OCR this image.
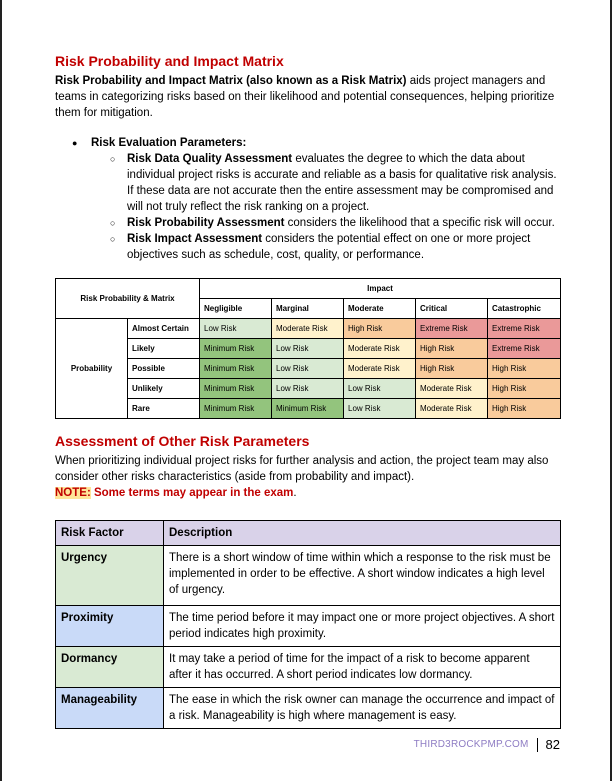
Risk Probability and Impact Matrix

Risk Probability and Impact Matrix (also known as a Risk Matrix) aids project managers and teams in categorizing risks based on their likelihood and potential consequences, helping prioritize them for mitigation.

● Risk Evaluation Parameters:
○ Risk Data Quality Assessment evaluates the degree to which the data about individual project risks is accurate and reliable as a basis for qualitative risk analysis. If these data are not accurate then the entire assessment may be compromised and will not truly reflect the risk ranking on a project.
○ Risk Probability Assessment considers the likelihood that a specific risk will occur.
○ Risk Impact Assessment considers the potential effect on one or more project objectives such as schedule, cost, quality, or performance.
Risk Probability & Matrix		Impact				
		Negligible	Marginal	Moderate	Critical	Catastrophic
Probability	Almost Certain	Low Risk	Moderate Risk	High Risk	Extreme Risk	Extreme Risk
	Likely	Minimum Risk	Low Risk	Moderate Risk	High Risk	Extreme Risk
	Possible	Minimum Risk	Low Risk	Moderate Risk	High Risk	High Risk
	Unlikely	Minimum Risk	Low Risk	Low Risk	Moderate Risk	High Risk
	Rare	Minimum Risk	Minimum Risk	Low Risk	Moderate Risk	High Risk
Assessment of Other Risk Parameters

When prioritizing individual project risks for further analysis and action, the project team may also consider other risks characteristics (aside from probability and impact).

NOTE: Some terms may appear in the exam.

Risk Factor	Description
Urgency	There is a short window of time within which a response to the risk must be implemented in order to be effective. A short window indicates a high level of urgency.
Proximity	The time period before it may impact one or more project objectives. A short period indicates high proximity.
Dormancy	It may take a period of time for the impact of a risk to become apparent after it has occurred. A short period indicates low dormancy.
Manageability	The ease in which the risk owner can manage the occurrence and impact of a risk. Manageability is high where management is easy.
THIRD3ROCKPMP.COM 82
